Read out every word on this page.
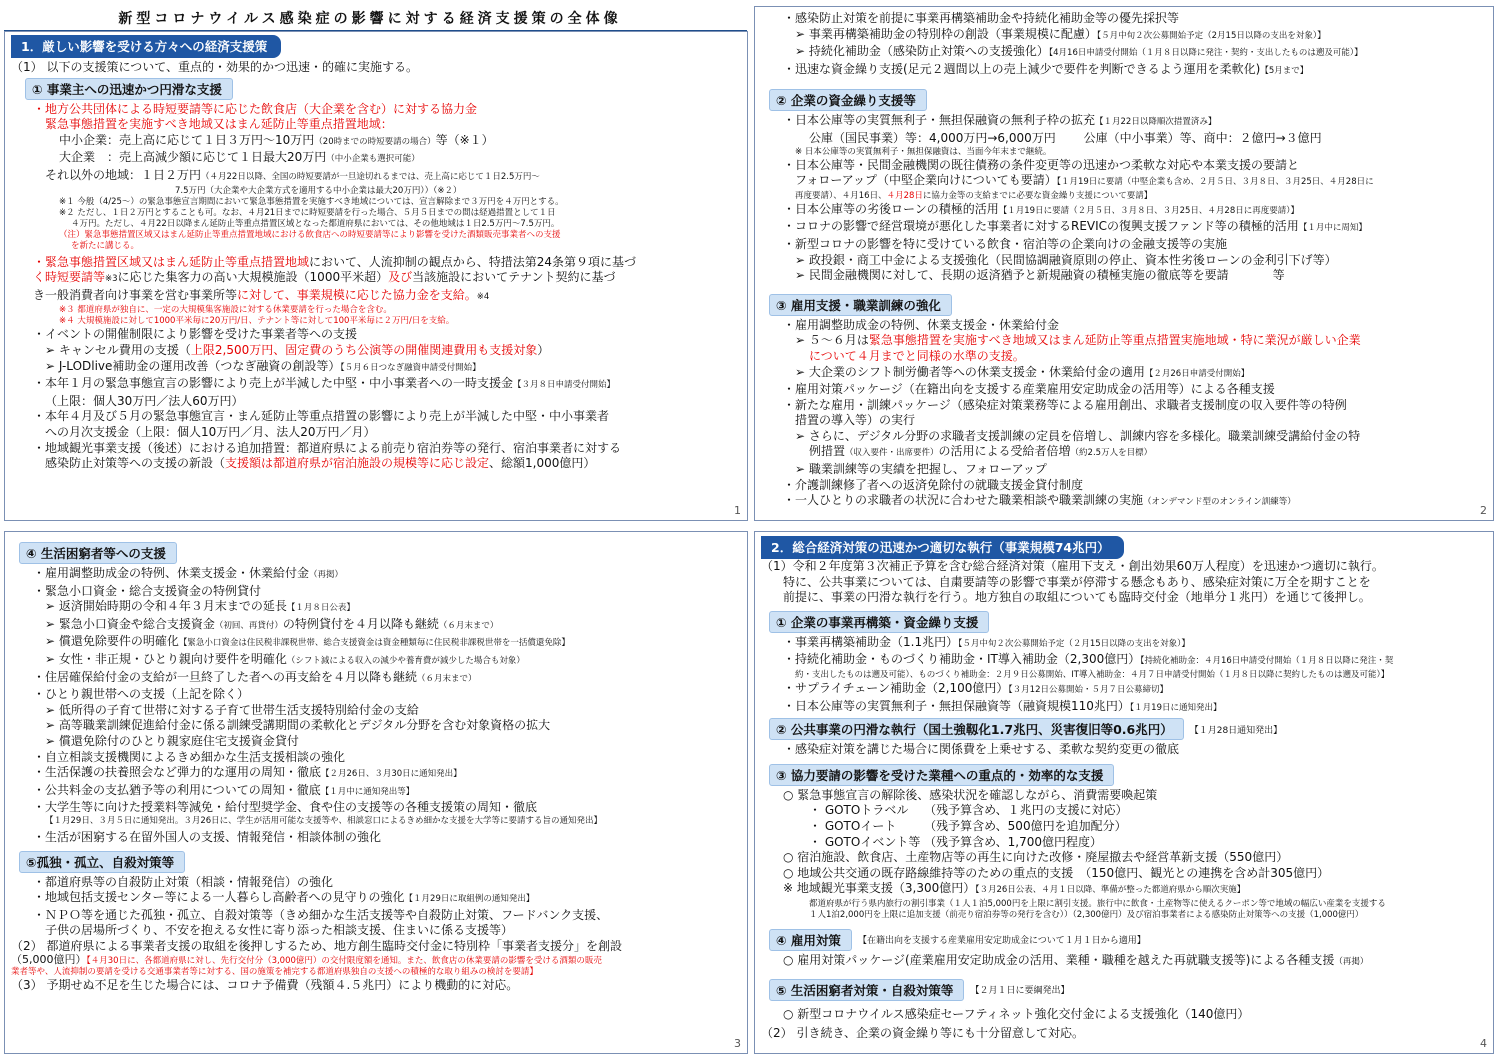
新型コロナウイルス感染症の影響に対する経済支援策の全体像
1．厳しい影響を受ける方々への経済支援策
（1） 以下の支援策について、重点的・効果的かつ迅速・的確に実施する。
① 事業主への迅速かつ円滑な支援
・地方公共団体による時短要請等に応じた飲食店（大企業を含む）に対する協力金
緊急事態措置を実施すべき地域又はまん延防止等重点措置地域：
中小企業：売上高に応じて１日３万円～10万円（20時までの時短要請の場合）等（※１）
大企業　：売上高減少額に応じて１日最大20万円（中小企業も選択可能）
それ以外の地域：１日２万円（４月22日以降、全国の時短要請が一旦途切れるまでは、売上高に応じて１日2.5万円～
7.5万円（大企業や大企業方式を適用する中小企業は最大20万円））（※２）
※１ 今般（4/25～）の緊急事態宣言期間において緊急事態措置を実施すべき地域については、宣言解除まで３万円を４万円とする。
※２ ただし、１日２万円とすることも可。なお、４月21日までに時短要請を行った場合、５月５日までの間は経過措置として１日
４万円。ただし、４月22日以降まん延防止等重点措置区域となった都道府県においては、その他地域は１日2.5万円～7.5万円。
（注）緊急事態措置区域又はまん延防止等重点措置地域における飲食店への時短要請等により影響を受けた酒類販売事業者への支援
を新たに講じる。
・緊急事態措置区域又はまん延防止等重点措置地域において、人流抑制の観点から、特措法第24条第９項に基づ
く時短要請等※3に応じた集客力の高い大規模施設（1000平米超）及び当該施設においてテナント契約に基づ
き一般消費者向け事業を営む事業所等に対して、事業規模に応じた協力金を支給。※4
※３ 都道府県が独自に、一定の大規模集客施設に対する休業要請を行った場合を含む。
※４ 大規模施設に対して1000平米毎に20万円/日、テナント等に対して100平米毎に２万円/日を支給。
・イベントの開催制限により影響を受けた事業者等への支援
➢ キャンセル費用の支援（上限2,500万円、固定費のうち公演等の開催関連費用も支援対象）
➢ J-LODlive補助金の運用改善（つなぎ融資の創設等）【５月６日つなぎ融資申請受付開始】
・本年１月の緊急事態宣言の影響により売上が半減した中堅・中小事業者への一時支援金【３月８日申請受付開始】
（上限：個人30万円／法人60万円）
・本年４月及び５月の緊急事態宣言・まん延防止等重点措置の影響により売上が半減した中堅・中小事業者
への月次支援金（上限：個人10万円／月、法人20万円／月）
・地域観光事業支援（後述）における追加措置：都道府県による前売り宿泊券等の発行、宿泊事業者に対する
感染防止対策等への支援の新設（支援額は都道府県が宿泊施設の規模等に応じ設定、総額1,000億円）
1
・感染防止対策を前提に事業再構築補助金や持続化補助金等の優先採択等
➢ 事業再構築補助金の特別枠の創設（事業規模に配慮）【５月中旬２次公募開始予定（2月15日以降の支出を対象）】
➢ 持続化補助金（感染防止対策への支援強化）【4月16日申請受付開始（１月８日以降に発注・契約・支出したものは遡及可能）】
・迅速な資金繰り支援(足元２週間以上の売上減少で要件を判断できるよう運用を柔軟化)【5月まで】
② 企業の資金繰り支援等
・日本公庫等の実質無利子・無担保融資の無利子枠の拡充【１月22日以降順次措置済み】
公庫（国民事業）等：4,000万円→6,000万円　　 公庫（中小事業）等、商中：２億円→３億円
※ 日本公庫等の実質無利子・無担保融資は、当面今年末まで継続。
・日本公庫等・民間金融機関の既往債務の条件変更等の迅速かつ柔軟な対応や本業支援の要請と
フォローアップ（中堅企業向けについても要請）【１月19日に要請（中堅企業も含め、２月５日、３月８日、３月25日、４月28日に
再度要請）、４月16日、４月28日に協力金等の支給までに必要な資金繰り支援について要請】
・日本公庫等の劣後ローンの積極的活用【１月19日に要請（２月５日、３月８日、３月25日、４月28日に再度要請）】
・コロナの影響で経営環境が悪化した事業者に対するREVICの復興支援ファンド等の積極的活用【１月中に周知】
・新型コロナの影響を特に受けている飲食・宿泊等の企業向けの金融支援等の実施
➢ 政投銀・商工中金による支援強化（民間協調融資原則の停止、資本性劣後ローンの金利引下げ等）
➢ 民間金融機関に対して、長期の返済猶予と新規融資の積極実施の徹底等を要請	等
③ 雇用支援・職業訓練の強化
・雇用調整助成金の特例、休業支援金・休業給付金
➢ ５～６月は緊急事態措置を実施すべき地域又はまん延防止等重点措置実施地域・特に業況が厳しい企業
について４月までと同様の水準の支援。
➢ 大企業のシフト制労働者等への休業支援金・休業給付金の適用【２月26日申請受付開始】
・雇用対策パッケージ（在籍出向を支援する産業雇用安定助成金の活用等）による各種支援
・新たな雇用・訓練パッケージ（感染症対策業務等による雇用創出、求職者支援制度の収入要件等の特例
措置の導入等）の実行
➢ さらに、デジタル分野の求職者支援訓練の定員を倍増し、訓練内容を多様化。職業訓練受講給付金の特
例措置（収入要件・出席要件）の活用による受給者倍増（約2.5万人を目標）
➢ 職業訓練等の実績を把握し、フォローアップ
・介護訓練修了者への返済免除付の就職支援金貸付制度
・一人ひとりの求職者の状況に合わせた職業相談や職業訓練の実施（オンデマンド型のオンライン訓練等）
2
④ 生活困窮者等への支援
・雇用調整助成金の特例、休業支援金・休業給付金（再掲）
・緊急小口資金・総合支援資金の特例貸付
➢ 返済開始時期の令和４年３月末までの延長【１月８日公表】
➢ 緊急小口資金や総合支援資金（初回、再貸付）の特例貸付を４月以降も継続（６月末まで）
➢ 償還免除要件の明確化【緊急小口資金は住民税非課税世帯、総合支援資金は資金種類毎に住民税非課税世帯を一括償還免除】
➢ 女性・非正規・ひとり親向け要件を明確化（シフト減による収入の減少や養育費が減少した場合も対象）
・住居確保給付金の支給が一旦終了した者への再支給を４月以降も継続（６月末まで）
・ひとり親世帯への支援（上記を除く）
➢ 低所得の子育て世帯に対する子育て世帯生活支援特別給付金の支給
➢ 高等職業訓練促進給付金に係る訓練受講期間の柔軟化とデジタル分野を含む対象資格の拡大
➢ 償還免除付のひとり親家庭住宅支援資金貸付
・自立相談支援機関によるきめ細かな生活支援相談の強化
・生活保護の扶養照会など弾力的な運用の周知・徹底【２月26日、３月30日に通知発出】
・公共料金の支払猶予等の利用についての周知・徹底【１月中に通知発出等】
・大学生等に向けた授業料等減免・給付型奨学金、食や住の支援等の各種支援策の周知・徹底
【１月29日、３月５日に通知発出。３月26日に、学生が活用可能な支援等や、相談窓口によるきめ細かな支援を大学等に要請する旨の通知発出】
・生活が困窮する在留外国人の支援、情報発信・相談体制の強化
⑤孤独・孤立、自殺対策等
・都道府県等の自殺防止対策（相談・情報発信）の強化
・地域包括支援センター等による一人暮らし高齢者への見守りの強化【１月29日に取組例の通知発出】
・ＮＰＯ等を通じた孤独・孤立、自殺対策等（きめ細かな生活支援等や自殺防止対策、フードバンク支援、
子供の居場所づくり、不安を抱える女性に寄り添った相談支援、住まいに係る支援等）
（2） 都道府県による事業者支援の取組を後押しするため、地方創生臨時交付金に特別枠「事業者支援分」を創設
（5,000億円）【４月30日に、各都道府県に対し、先行交付分（3,000億円）の交付限度額を通知。また、飲食店の休業要請の影響を受ける酒類の販売
業者等や、人流抑制の要請を受ける交通事業者等に対する、国の施策を補完する都道府県独自の支援への積極的な取り組みの検討を要請】
（3） 予期せぬ不足を生じた場合には、コロナ予備費（残額４.５兆円）により機動的に対応。
3
2．総合経済対策の迅速かつ適切な執行（事業規模74兆円）
（1）令和２年度第３次補正予算を含む総合経済対策（雇用下支え・創出効果60万人程度）を迅速かつ適切に執行。
特に、公共事業については、自粛要請等の影響で事業が停滞する懸念もあり、感染症対策に万全を期すことを
前提に、事業の円滑な執行を行う。地方独自の取組についても臨時交付金（地単分１兆円）を通じて後押し。
① 企業の事業再構築・資金繰り支援
・事業再構築補助金（1.1兆円）【５月中旬２次公募開始予定（２月15日以降の支出を対象）】
・持続化補助金・ものづくり補助金・IT導入補助金（2,300億円）【持続化補助金：４月16日申請受付開始（１月８日以降に発注・契
約・支出したものは遡及可能）、ものづくり補助金：２月９日公募開始、IT導入補助金：４月７日申請受付開始（１月８日以降に契約したものは遡及可能）】
・サプライチェーン補助金（2,100億円）【３月12日公募開始・５月７日公募締切】
・日本公庫等の実質無利子・無担保融資等（融資規模110兆円）【１月19日に通知発出】
② 公共事業の円滑な執行（国土強靱化1.7兆円、災害復旧等0.6兆円）	【１月28日通知発出】
・感染症対策を講じた場合に関係費を上乗せする、柔軟な契約変更の徹底
③ 協力要請の影響を受けた業種への重点的・効率的な支援
○ 緊急事態宣言の解除後、感染状況を確認しながら、消費需要喚起策
・ GOTOトラベル　 （残予算含め、１兆円の支援に対応）
・ GOTOイート　　 （残予算含め、500億円を追加配分）
・ GOTOイベント等 （残予算含め、1,700億円程度）
○ 宿泊施設、飲食店、土産物店等の再生に向けた改修・廃屋撤去や経営革新支援（550億円）
○ 地域公共交通の既存路線維持等のための重点的支援　（150億円、観光との連携を含め計305億円）
※ 地域観光事業支援（3,300億円）【３月26日公表、４月１日以降、準備が整った都道府県から順次実施】
都道府県が行う県内旅行の割引事業（１人１泊5,000円を上限に割引支援。旅行中に飲食・土産物等に使えるクーポン等で地域の幅広い産業を支援する
１人1泊2,000円を上限に追加支援（前売り宿泊券等の発行を含む））（2,300億円）及び宿泊事業者による感染防止対策等への支援（1,000億円）
④ 雇用対策	【在籍出向を支援する産業雇用安定助成金について１月１日から適用】
○ 雇用対策パッケージ(産業雇用安定助成金の活用、業種・職種を越えた再就職支援等)による各種支援（再掲）
⑤ 生活困窮者対策・自殺対策等	【２月１日に要綱発出】
○ 新型コロナウイルス感染症セーフティネット強化交付金による支援強化（140億円）
（2） 引き続き、企業の資金繰り等にも十分留意して対応。
4
